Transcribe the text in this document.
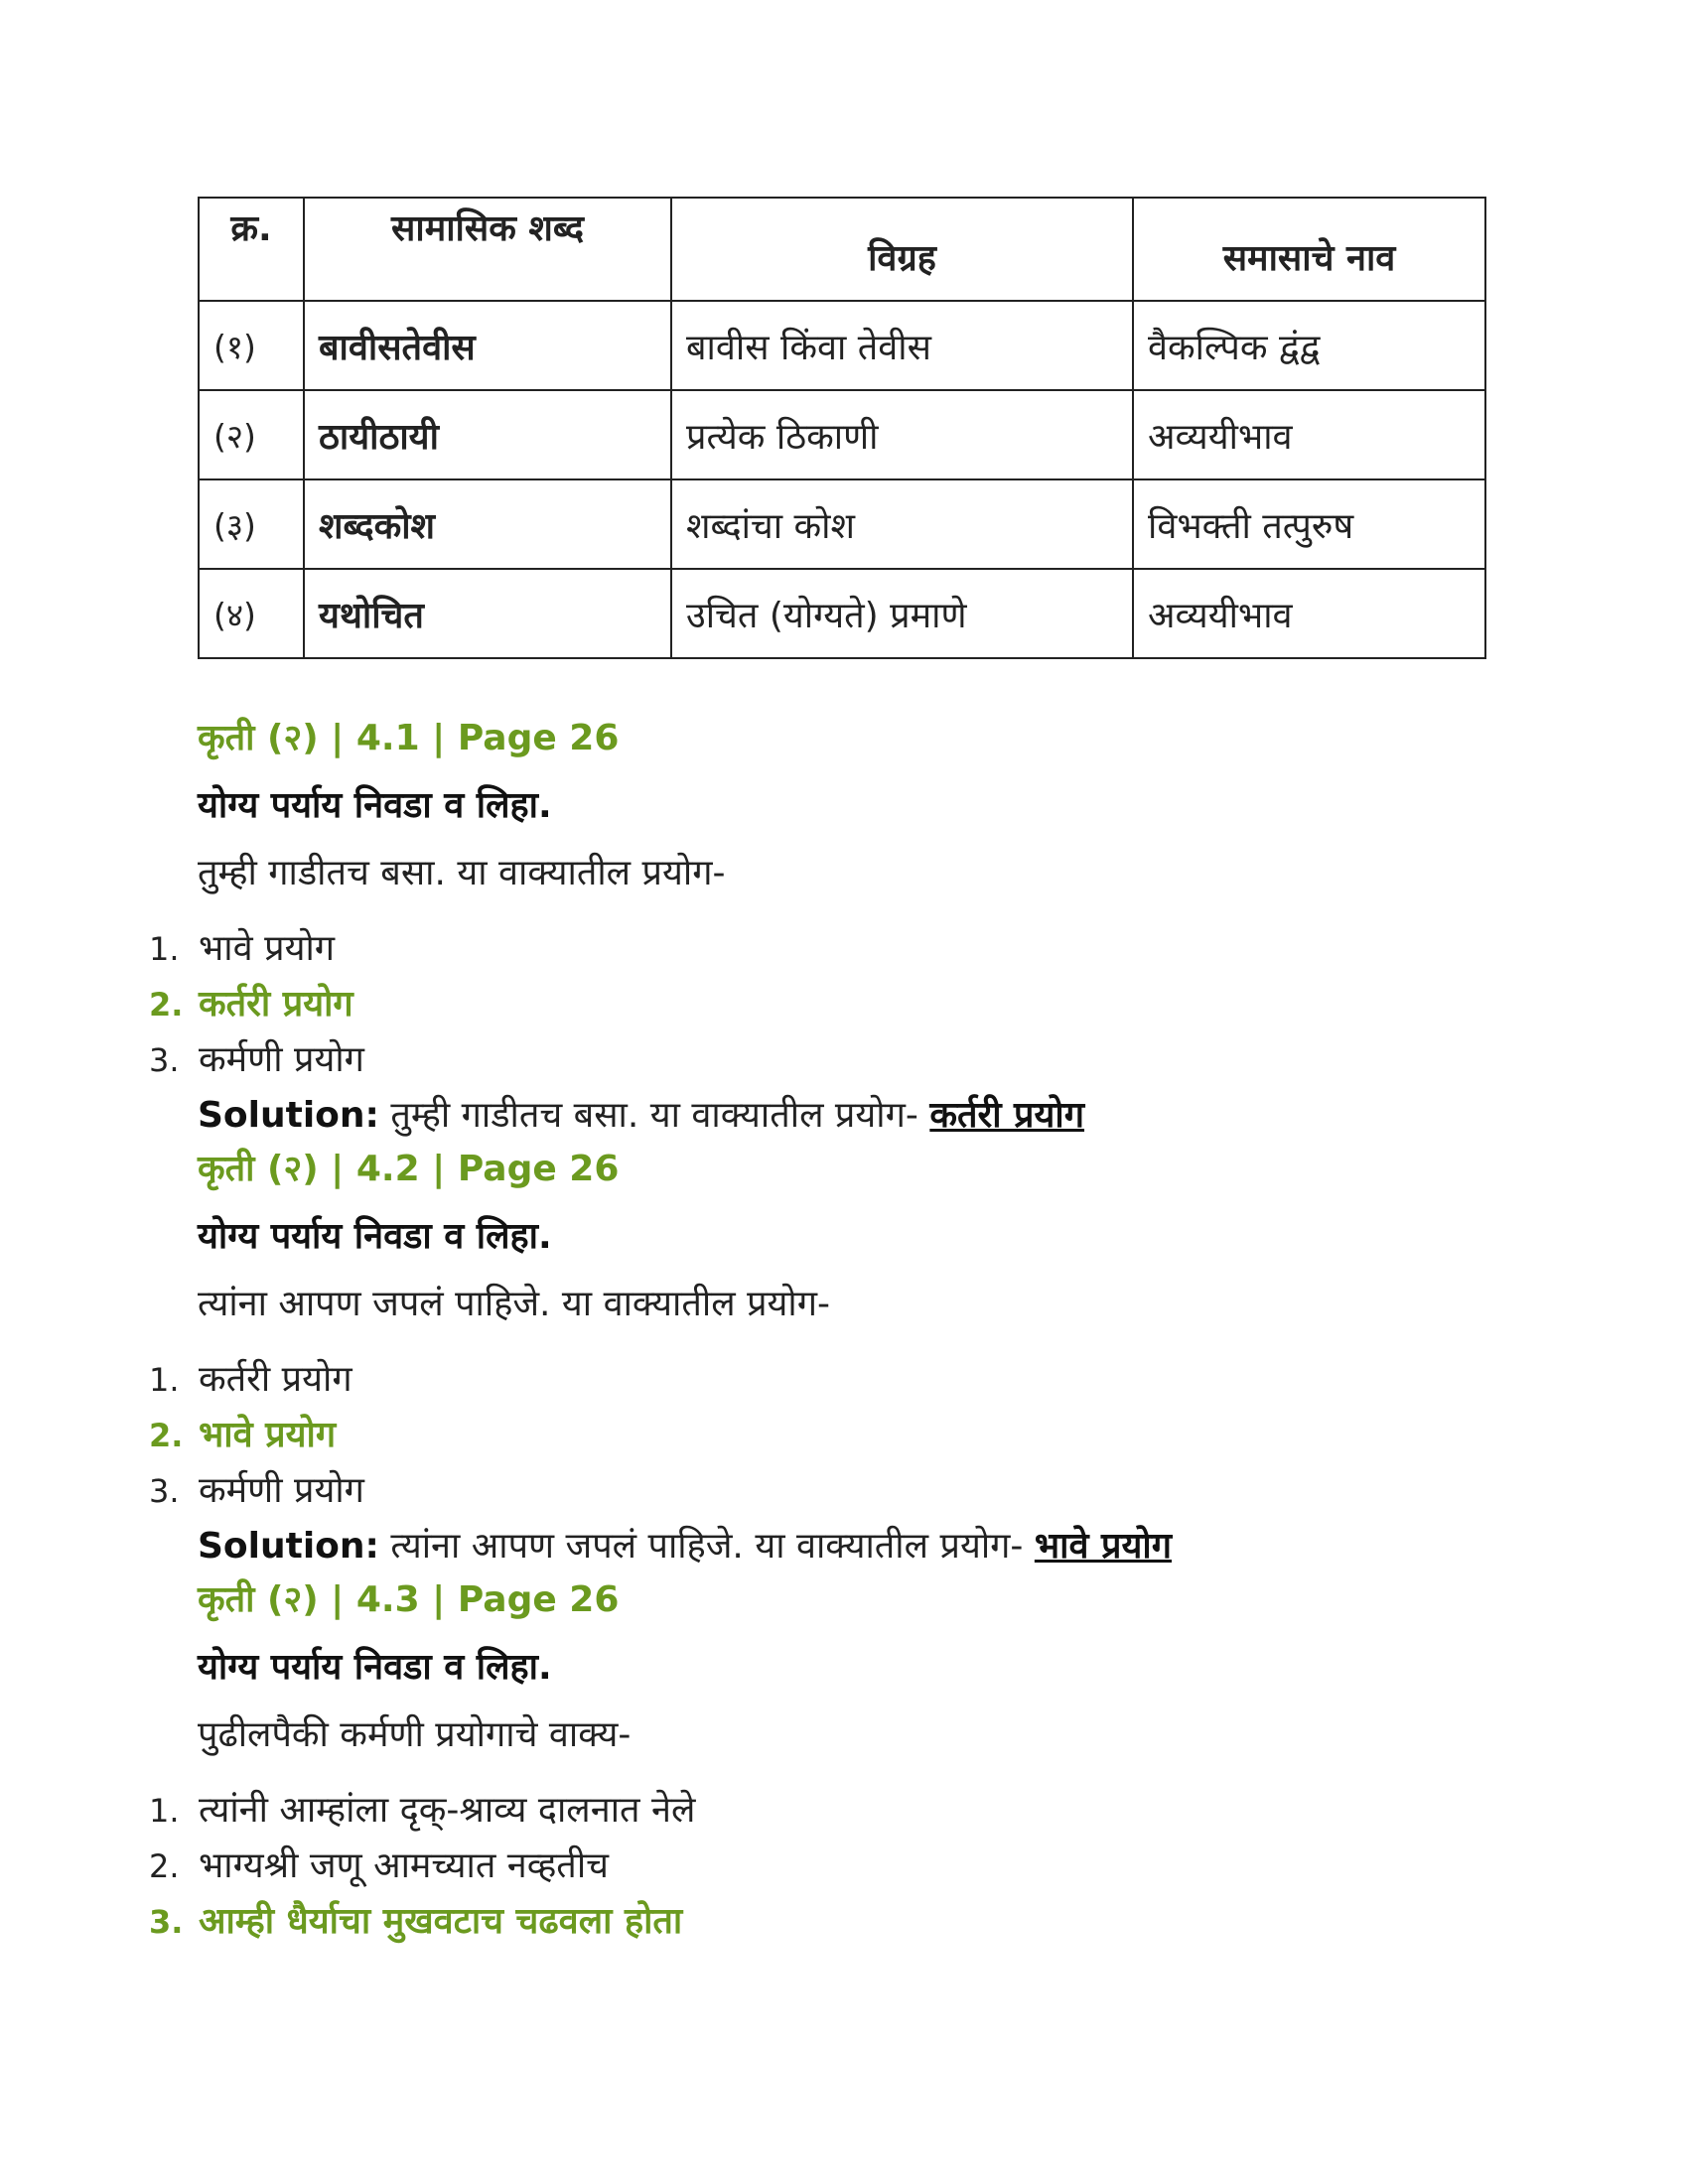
क्र.	सामासिक शब्द	विग्रह	समासाचे नाव
(१)	बावीसतेवीस	बावीस किंवा तेवीस	वैकल्पिक द्वंद्व
(२)	ठायीठायी	प्रत्येक ठिकाणी	अव्ययीभाव
(३)	शब्दकोश	शब्दांचा कोश	विभक्ती तत्पुरुष
(४)	यथोचित	उचित (योग्यते) प्रमाणे	अव्ययीभाव
कृती (२) | 4.1 | Page 26
योग्य पर्याय निवडा व लिहा.
तुम्ही गाडीतच बसा. या वाक्यातील प्रयोग-
1. भावे प्रयोग
2. कर्तरी प्रयोग
3. कर्मणी प्रयोग
Solution: तुम्ही गाडीतच बसा. या वाक्यातील प्रयोग- कर्तरी प्रयोग
कृती (२) | 4.2 | Page 26
योग्य पर्याय निवडा व लिहा.
त्यांना आपण जपलं पाहिजे. या वाक्यातील प्रयोग-
1. कर्तरी प्रयोग
2. भावे प्रयोग
3. कर्मणी प्रयोग
Solution: त्यांना आपण जपलं पाहिजे. या वाक्यातील प्रयोग- भावे प्रयोग
कृती (२) | 4.3 | Page 26
योग्य पर्याय निवडा व लिहा.
पुढीलपैकी कर्मणी प्रयोगाचे वाक्य-
1. त्यांनी आम्हांला दृक्-श्राव्य दालनात नेले
2. भाग्यश्री जणू आमच्यात नव्हतीच
3. आम्ही धैर्याचा मुखवटाच चढवला होता
